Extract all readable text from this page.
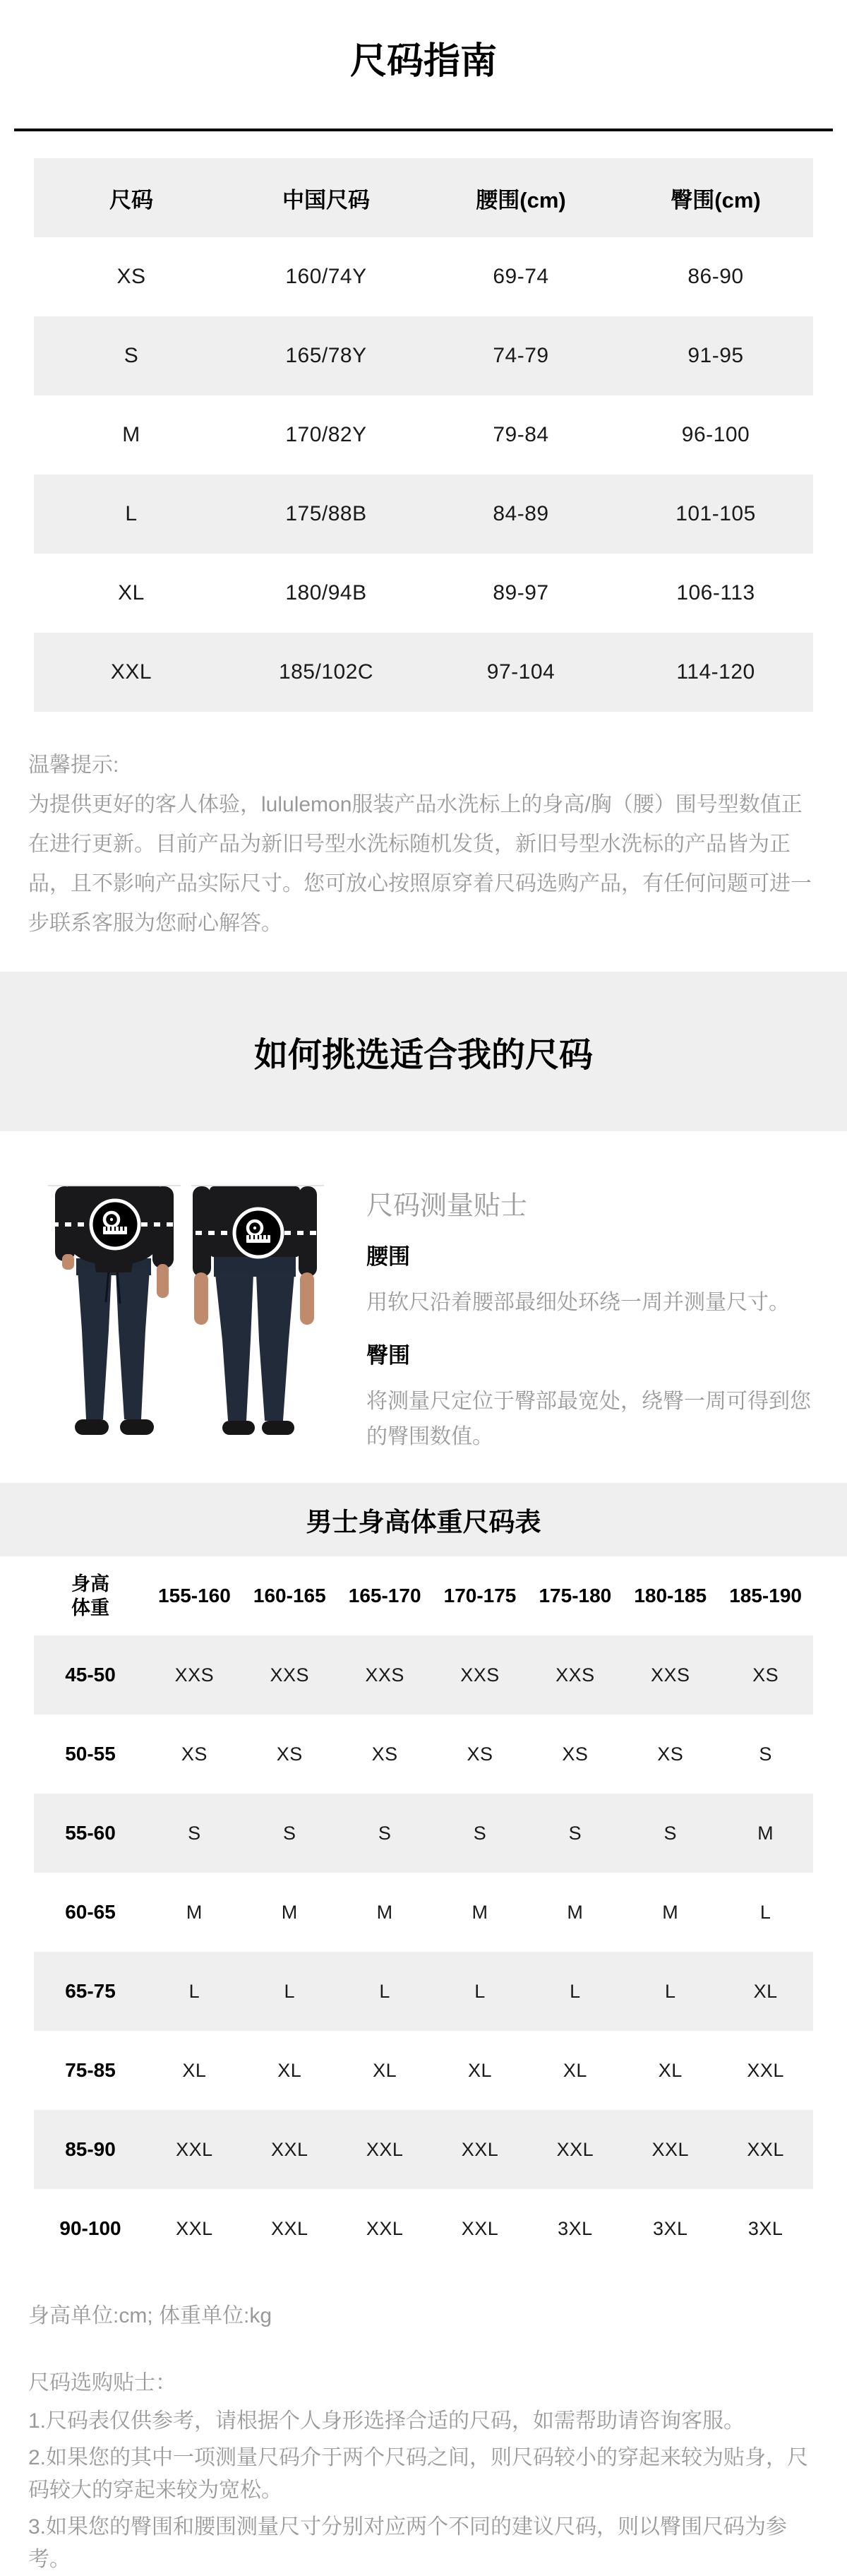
尺码指南
尺码	中国尺码	腰围(cm)	臀围(cm)
XS	160/74Y	69-74	86-90
S	165/78Y	74-79	91-95
M	170/82Y	79-84	96-100
L	175/88B	84-89	101-105
XL	180/94B	89-97	106-113
XXL	185/102C	97-104	114-120
温馨提示:
为提供更好的客人体验，lululemon服装产品水洗标上的身高/胸（腰）围号型数值正在进行更新。目前产品为新旧号型水洗标随机发货，新旧号型水洗标的产品皆为正品，且不影响产品实际尺寸。您可放心按照原穿着尺码选购产品，有任何问题可进一步联系客服为您耐心解答。
如何挑选适合我的尺码
尺码测量贴士
腰围
用软尺沿着腰部最细处环绕一周并测量尺寸。
臀围
将测量尺定位于臀部最宽处，绕臀一周可得到您的臀围数值。
男士身高体重尺码表
身高
体重
155-160	160-165	165-170	170-175	175-180	180-185	185-190
45-50	XXS	XXS	XXS	XXS	XXS	XXS	XS
50-55	XS	XS	XS	XS	XS	XS	S
55-60	S	S	S	S	S	S	M
60-65	M	M	M	M	M	M	L
65-75	L	L	L	L	L	L	XL
75-85	XL	XL	XL	XL	XL	XL	XXL
85-90	XXL	XXL	XXL	XXL	XXL	XXL	XXL
90-100	XXL	XXL	XXL	XXL	3XL	3XL	3XL
身高单位:cm; 体重单位:kg
尺码选购贴士：
1.尺码表仅供参考，请根据个人身形选择合适的尺码，如需帮助请咨询客服。
2.如果您的其中一项测量尺码介于两个尺码之间，则尺码较小的穿起来较为贴身，尺码较大的穿起来较为宽松。
3.如果您的臀围和腰围测量尺寸分别对应两个不同的建议尺码，则以臀围尺码为参考。
